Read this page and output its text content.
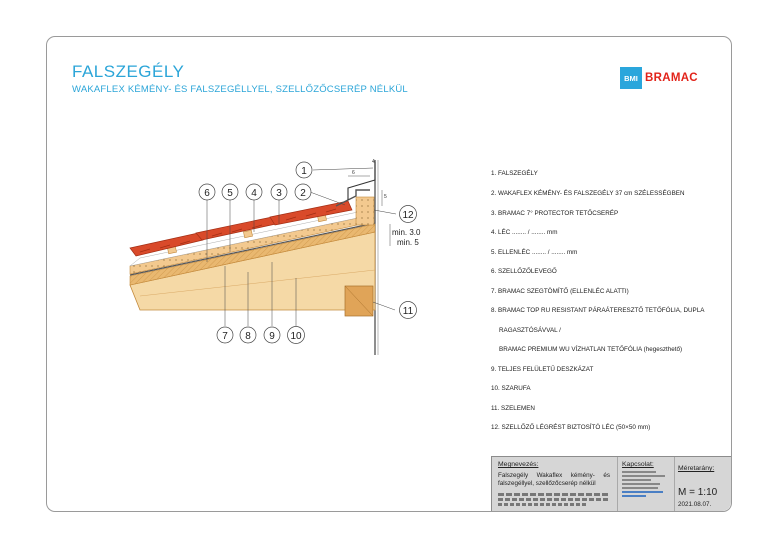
FALSZEGÉLY
WAKAFLEX KÉMÉNY- ÉS FALSZEGÉLLYEL, SZELLŐZŐCSERÉP NÉLKÜL
BMI BRAMAC
6
5
4
min. 3.0
min. 5
1
6 5 4 3 2
12
7 8 9 10
11
1. FALSZEGÉLY
2. WAKAFLEX KÉMÉNY- ÉS FALSZEGÉLY 37 cm SZÉLESSÉGBEN
3. BRAMAC 7° PROTECTOR TETŐCSERÉP
4. LÉC ........ / ........ mm
5. ELLENLÉC ........ / ........ mm
6. SZELLŐZŐLEVEGŐ
7. BRAMAC SZEGTÖMÍTŐ (ELLENLÉC ALATTI)
8. BRAMAC TOP RU RESISTANT PÁRAÁTERESZTŐ TETŐFÓLIA, DUPLA
RAGASZTÓSÁVVAL /
BRAMAC PREMIUM WU VÍZHATLAN TETŐFÓLIA (hegeszthető)
9. TELJES FELÜLETŰ DESZKÁZAT
10. SZARUFA
11. SZELEMEN
12. SZELLŐZŐ LÉGRÉST BIZTOSÍTÓ LÉC (50×50 mm)
Megnevezés:
Falszegély Wakaflex kémény- és falszegéllyel, szellőzőcserép nélkül
Kapcsolat:
Méretarány:
M = 1:10
2021.08.07.
